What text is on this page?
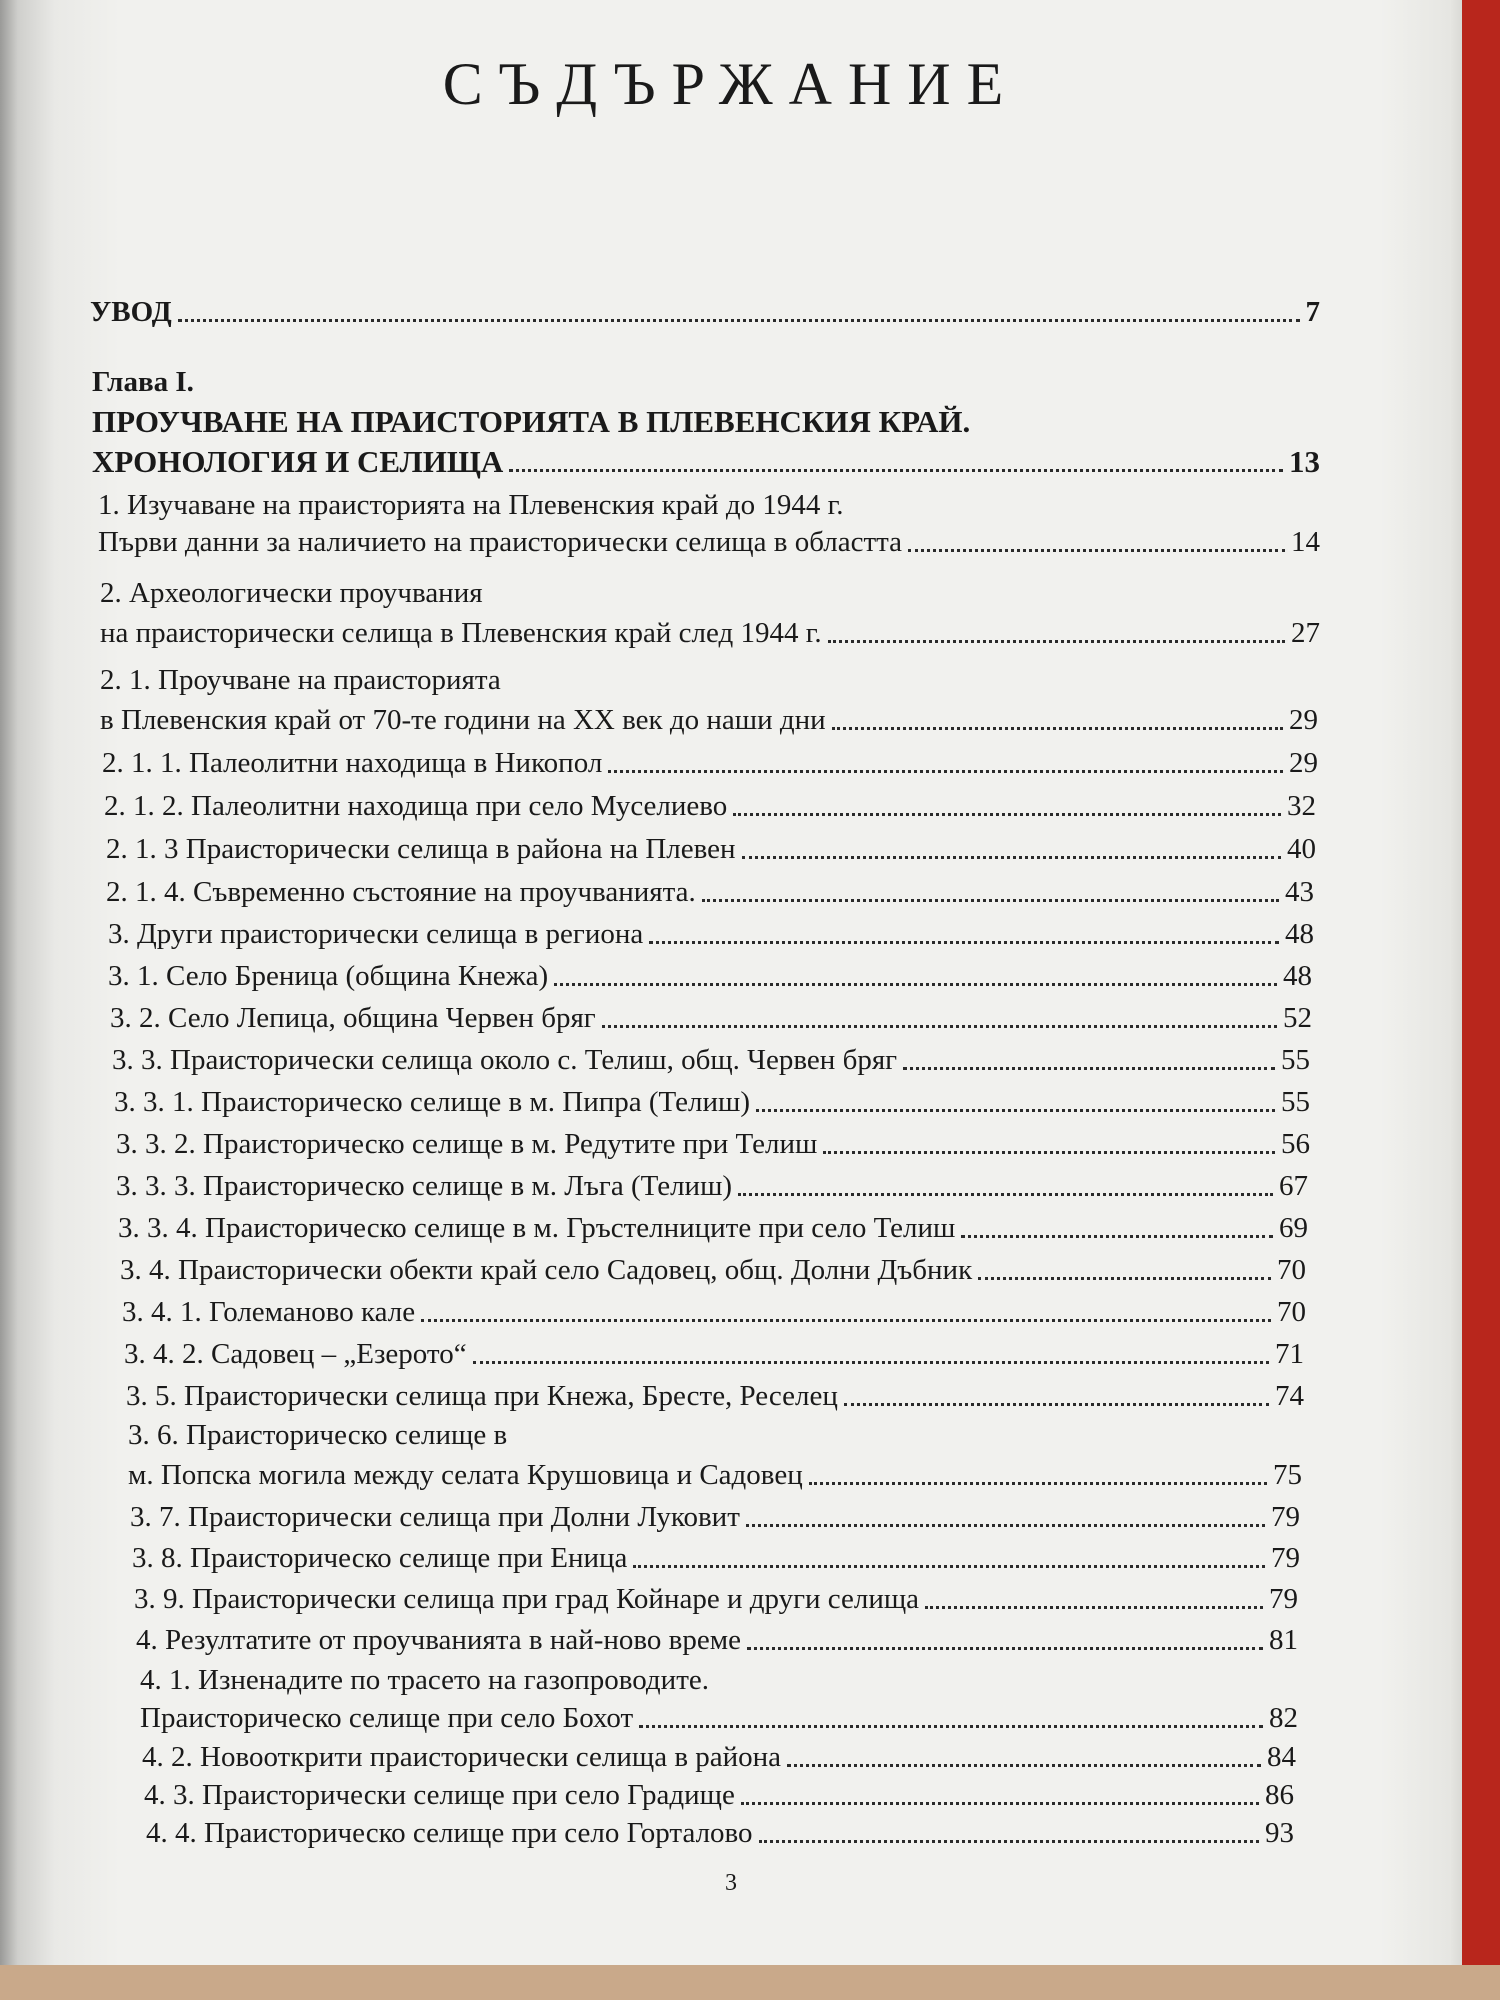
СЪДЪРЖАНИЕ
УВОД	7
Глава I.
ПРОУЧВАНЕ НА ПРАИСТОРИЯТА В ПЛЕВЕНСКИЯ КРАЙ.
ХРОНОЛОГИЯ И СЕЛИЩА	13
1. Изучаване на праисторията на Плевенския край до 1944 г.
Първи данни за наличието на праисторически селища в областта	14
2. Археологически проучвания
на праисторически селища в Плевенския край след 1944 г.	27
2. 1. Проучване на праисторията
в Плевенския край от 70-те години на XX век до наши дни	29
2. 1. 1. Палеолитни находища в Никопол	29
2. 1. 2. Палеолитни находища при село Муселиево	32
2. 1. 3 Праисторически селища в района на Плевен	40
2. 1. 4. Съвременно състояние на проучванията.	43
3. Други праисторически селища в региона	48
3. 1. Село Бреница (община Кнежа)	48
3. 2. Село Лепица, община Червен бряг	52
3. 3. Праисторически селища около с. Телиш, общ. Червен бряг	55
3. 3. 1. Праисторическо селище в м. Пипра (Телиш)	55
3. 3. 2. Праисторическо селище в м. Редутите при Телиш	56
3. 3. 3. Праисторическо селище в м. Лъга (Телиш)	67
3. 3. 4. Праисторическо селище в м. Гръстелниците при село Телиш	69
3. 4. Праисторически обекти край село Садовец, общ. Долни Дъбник	70
3. 4. 1. Големаново кале	70
3. 4. 2. Садовец – „Езерото“	71
3. 5. Праисторически селища при Кнежа, Бресте, Реселец	74
3. 6. Праисторическо селище в
м. Попска могила между селата Крушовица и Садовец	75
3. 7. Праисторически селища при Долни Луковит	79
3. 8. Праисторическо селище при Еница	79
3. 9. Праисторически селища при град Койнаре и други селища	79
4. Резултатите от проучванията в най-ново време	81
4. 1. Изненадите по трасето на газопроводите.
Праисторическо селище при село Бохот	82
4. 2. Новооткрити праисторически селища в района	84
4. 3. Праисторически селище при село Градище	86
4. 4. Праисторическо селище при село Горталово	93
3
